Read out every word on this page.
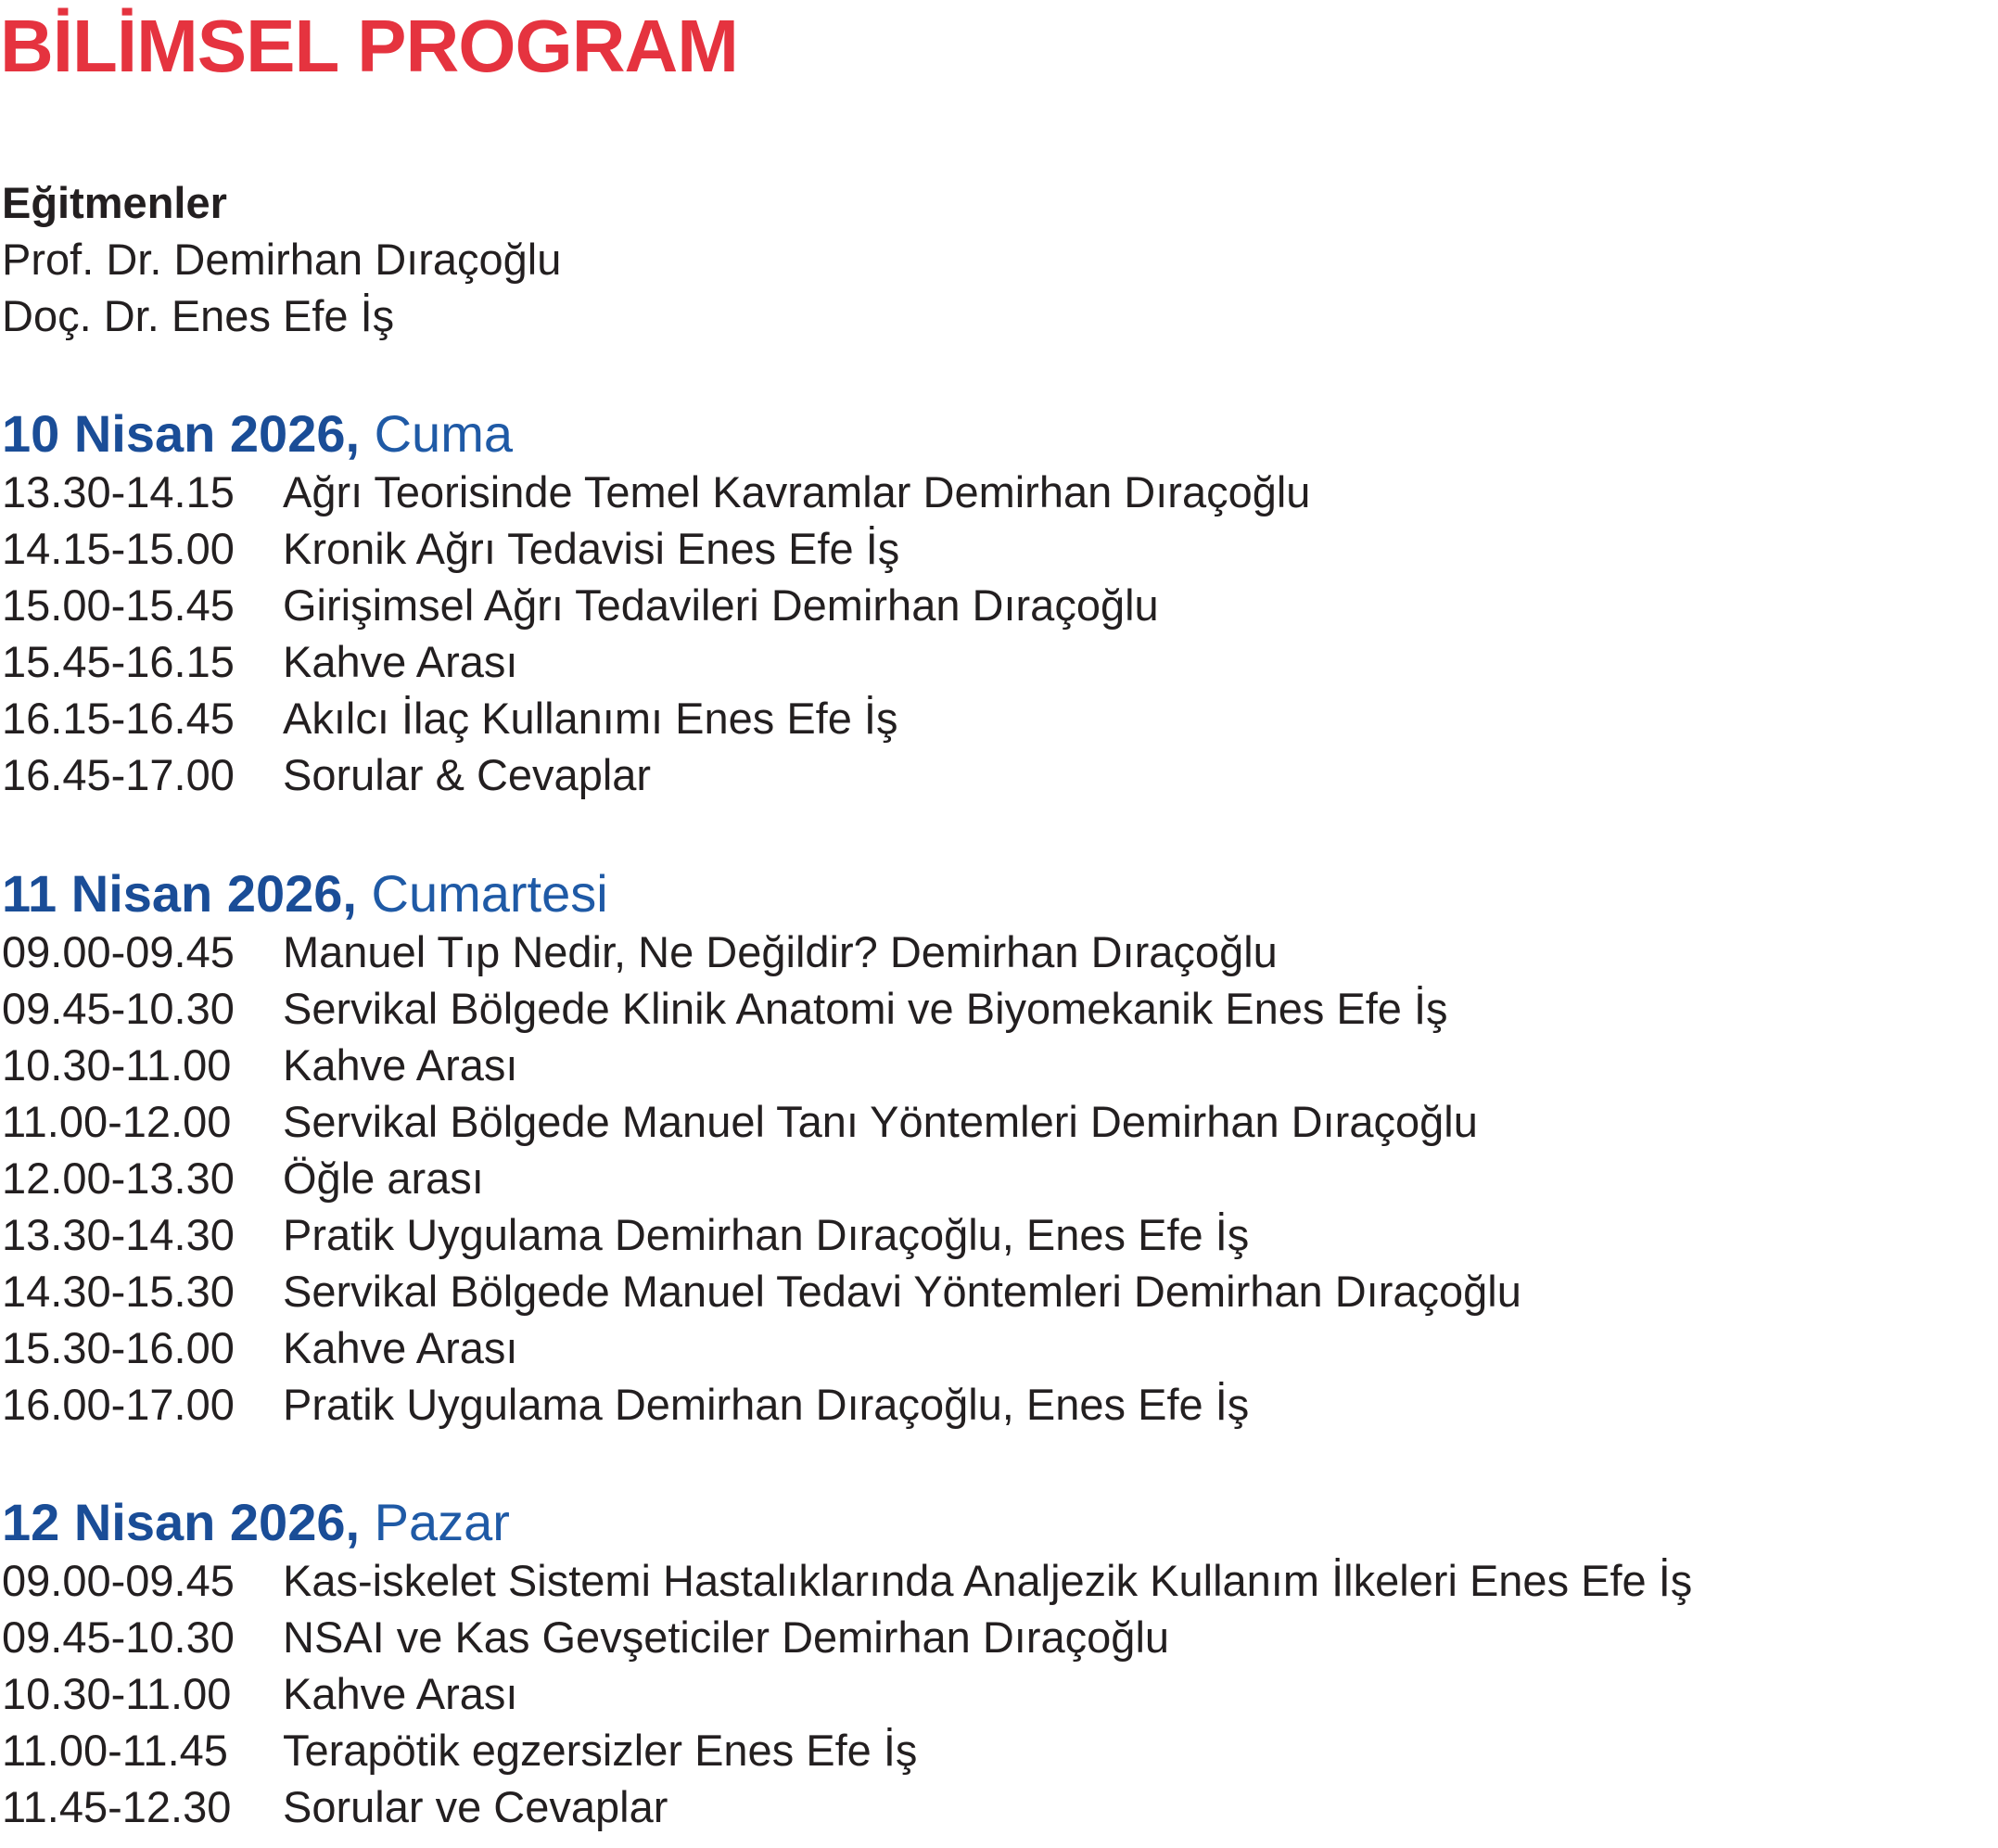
BİLİMSEL PROGRAM
Eğitmenler
Prof. Dr. Demirhan Dıraçoğlu
Doç. Dr. Enes Efe İş
10 Nisan 2026, Cuma
13.30-14.15	Ağrı Teorisinde Temel Kavramlar Demirhan Dıraçoğlu
14.15-15.00	Kronik Ağrı Tedavisi Enes Efe İş
15.00-15.45	Girişimsel Ağrı Tedavileri Demirhan Dıraçoğlu
15.45-16.15	Kahve Arası
16.15-16.45	Akılcı İlaç Kullanımı Enes Efe İş
16.45-17.00	Sorular & Cevaplar
11 Nisan 2026, Cumartesi
09.00-09.45	Manuel Tıp Nedir, Ne Değildir? Demirhan Dıraçoğlu
09.45-10.30	Servikal Bölgede Klinik Anatomi ve Biyomekanik Enes Efe İş
10.30-11.00	Kahve Arası
11.00-12.00	Servikal Bölgede Manuel Tanı Yöntemleri Demirhan Dıraçoğlu
12.00-13.30	Öğle arası
13.30-14.30	Pratik Uygulama Demirhan Dıraçoğlu, Enes Efe İş
14.30-15.30	Servikal Bölgede Manuel Tedavi Yöntemleri Demirhan Dıraçoğlu
15.30-16.00	Kahve Arası
16.00-17.00	Pratik Uygulama Demirhan Dıraçoğlu, Enes Efe İş
12 Nisan 2026, Pazar
09.00-09.45	Kas-iskelet Sistemi Hastalıklarında Analjezik Kullanım İlkeleri Enes Efe İş
09.45-10.30	NSAI ve Kas Gevşeticiler Demirhan Dıraçoğlu
10.30-11.00	Kahve Arası
11.00-11.45	Terapötik egzersizler Enes Efe İş
11.45-12.30	Sorular ve Cevaplar
